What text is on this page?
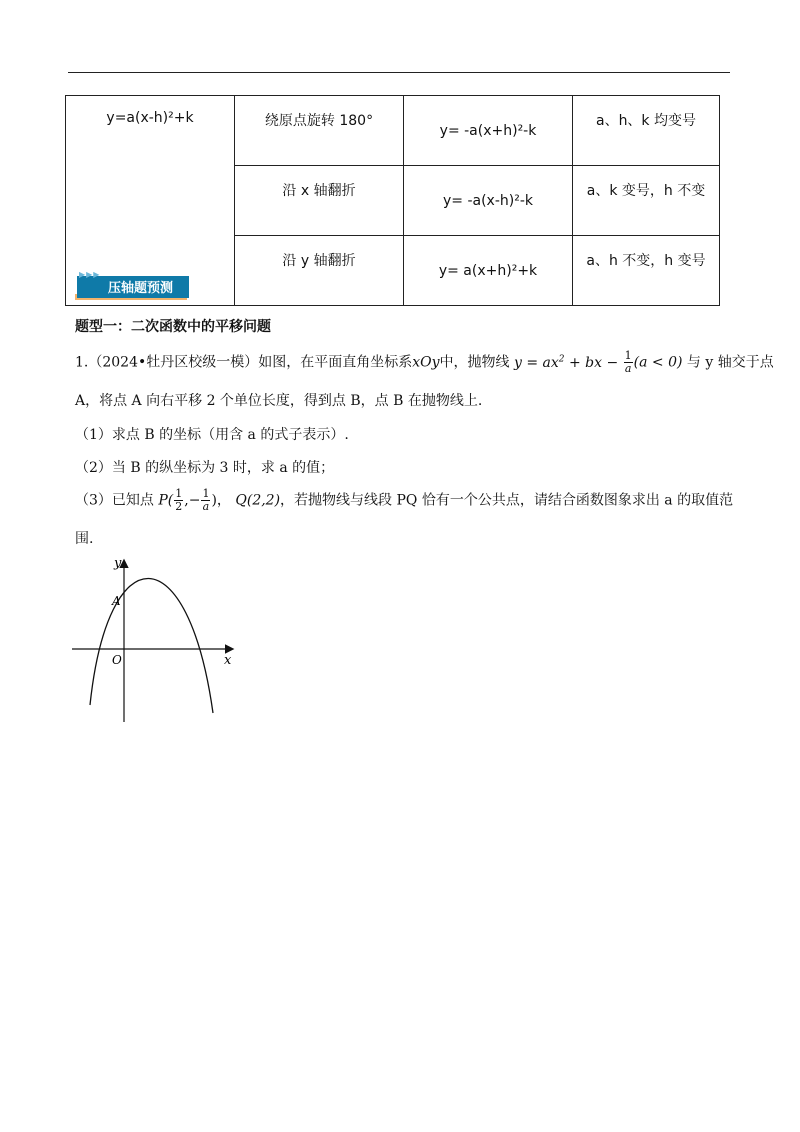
y=a(x-h)²+k	绕原点旋转 180°	y= -a(x+h)²-k	a、h、k 均变号
	沿 x 轴翻折	y= -a(x-h)²-k	a、k 变号，h 不变
	沿 y 轴翻折	y= a(x+h)²+k	a、h 不变，h 变号
▶▶▶
压轴题预测
题型一：二次函数中的平移问题
1.（2024•牡丹区校级一模）如图，在平面直角坐标系xOy中，抛物线 $y = ax^2$ + bx − $\frac{1}{a} (a < 0)$ 与 y 轴交于点
A，将点 A 向右平移 2 个单位长度，得到点 B，点 B 在抛物线上.
（1）求点 B 的坐标（用含 a 的式子表示）.
（2）当 B 的纵坐标为 3 时，求 a 的值；
（3）已知点 $P( \frac{1}{2}$ ,− $\frac{1}{a}$ )， Q(2,2)，若抛物线与线段 PQ 恰有一个公共点，请结合函数图象求出 a 的取值范
围.
y
x
A
O
